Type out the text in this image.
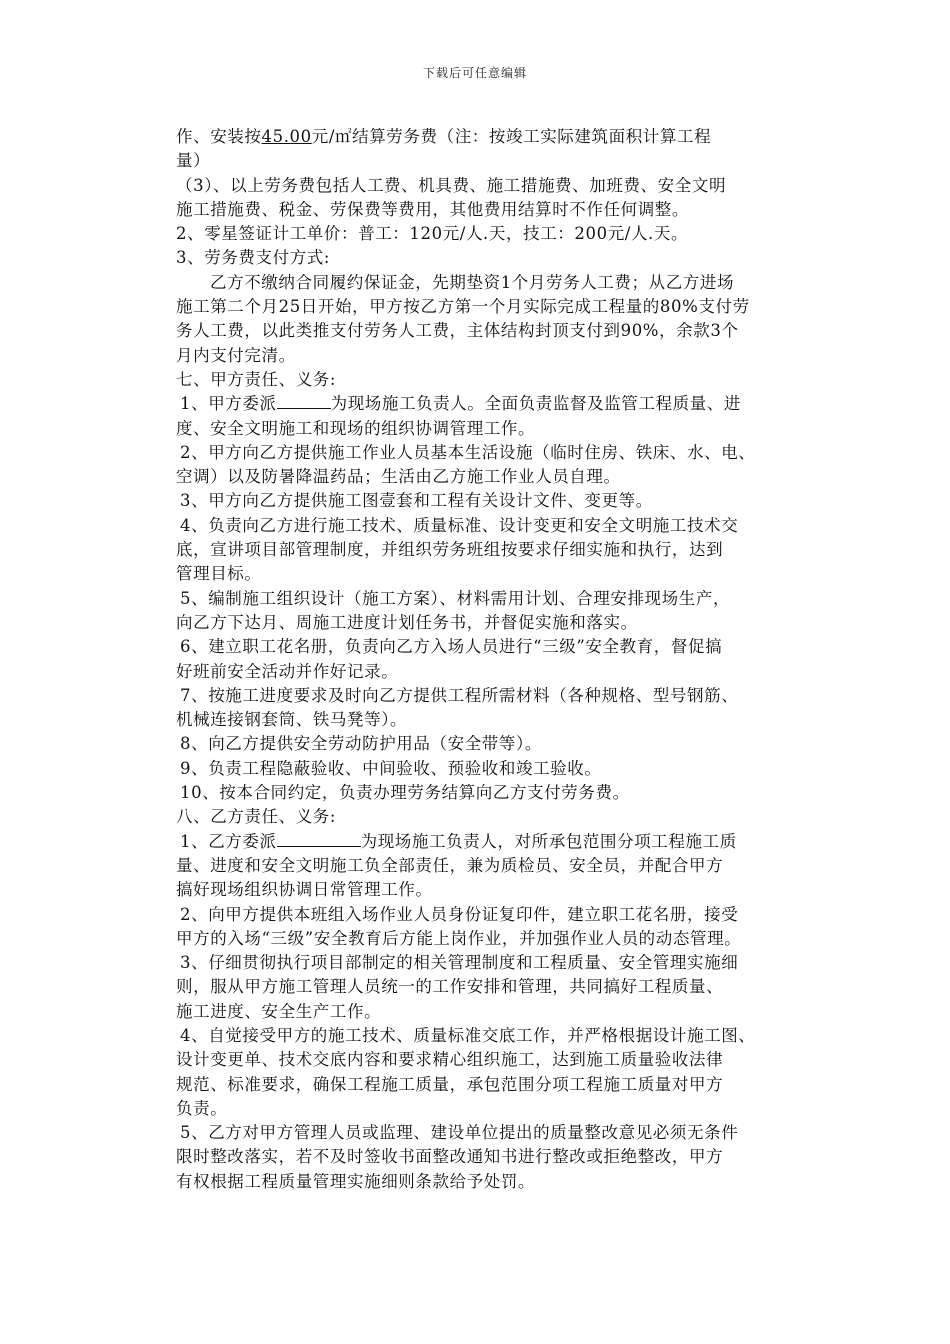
下载后可任意编辑
作、安装按45.00元/㎡结算劳务费（注：按竣工实际建筑面积计算工程
量）
（3）、以上劳务费包括人工费、机具费、施工措施费、加班费、安全文明
施工措施费、税金、劳保费等费用，其他费用结算时不作任何调整。
2、零星签证计工单价：普工：120元/人.天，技工：200元/人.天。
3、劳务费支付方式:
乙方不缴纳合同履约保证金，先期垫资1个月劳务人工费；从乙方进场
施工第二个月25日开始，甲方按乙方第一个月实际完成工程量的80%支付劳
务人工费，以此类推支付劳务人工费，主体结构封顶支付到90%，余款3个
月内支付完清。
七、甲方责任、义务:
1、甲方委派	为现场施工负责人。全面负责监督及监管工程质量、进
度、安全文明施工和现场的组织协调管理工作。
2、甲方向乙方提供施工作业人员基本生活设施（临时住房、铁床、水、电、
空调）以及防暑降温药品；生活由乙方施工作业人员自理。
3、甲方向乙方提供施工图壹套和工程有关设计文件、变更等。
4、负责向乙方进行施工技术、质量标准、设计变更和安全文明施工技术交
底，宣讲项目部管理制度，并组织劳务班组按要求仔细实施和执行，达到
管理目标。
5、编制施工组织设计（施工方案）、材料需用计划、合理安排现场生产，
向乙方下达月、周施工进度计划任务书，并督促实施和落实。
6、建立职工花名册，负责向乙方入场人员进行“三级”安全教育，督促搞
好班前安全活动并作好记录。
7、按施工进度要求及时向乙方提供工程所需材料（各种规格、型号钢筋、
机械连接钢套筒、铁马凳等）。
8、向乙方提供安全劳动防护用品（安全带等）。
9、负责工程隐蔽验收、中间验收、预验收和竣工验收。
10、按本合同约定，负责办理劳务结算向乙方支付劳务费。
八、乙方责任、义务:
1、乙方委派	为现场施工负责人，对所承包范围分项工程施工质
量、进度和安全文明施工负全部责任，兼为质检员、安全员，并配合甲方
搞好现场组织协调日常管理工作。
2、向甲方提供本班组入场作业人员身份证复印件，建立职工花名册，接受
甲方的入场“三级”安全教育后方能上岗作业，并加强作业人员的动态管理。
3、仔细贯彻执行项目部制定的相关管理制度和工程质量、安全管理实施细
则，服从甲方施工管理人员统一的工作安排和管理，共同搞好工程质量、
施工进度、安全生产工作。
4、自觉接受甲方的施工技术、质量标准交底工作，并严格根据设计施工图、
设计变更单、技术交底内容和要求精心组织施工，达到施工质量验收法律
规范、标准要求，确保工程施工质量，承包范围分项工程施工质量对甲方
负责。
5、乙方对甲方管理人员或监理、建设单位提出的质量整改意见必须无条件
限时整改落实，若不及时签收书面整改通知书进行整改或拒绝整改，甲方
有权根据工程质量管理实施细则条款给予处罚。
